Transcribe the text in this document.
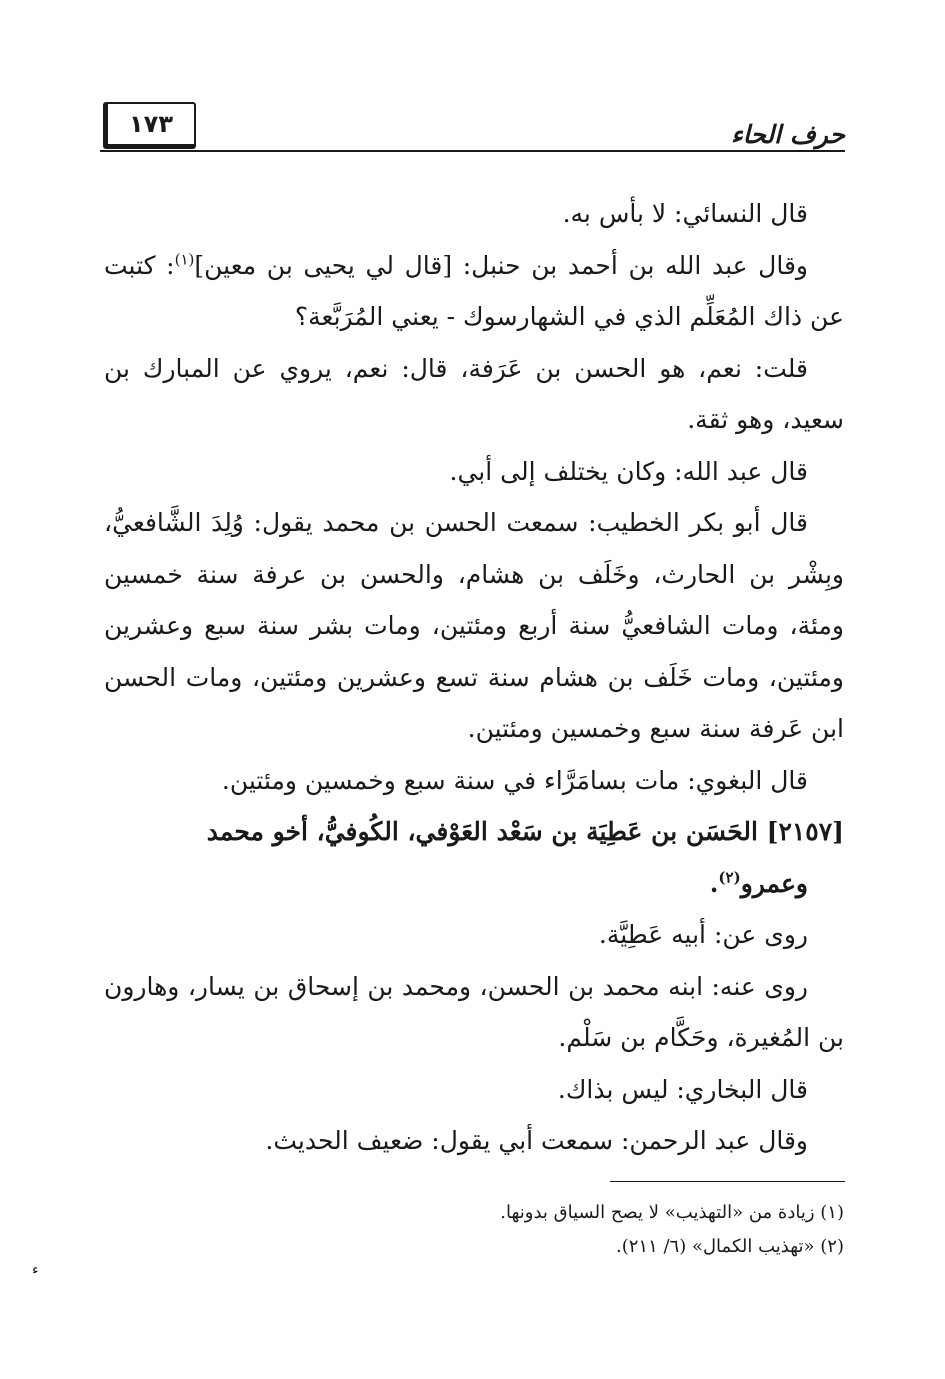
حرف الحاء
١٧٣

قال النسائي: لا بأس به.

وقال عبد الله بن أحمد بن حنبل: [قال لي يحيى بن معين]$^{(١)}$: كتبت عن ذاك المُعَلِّم الذي في الشهارسوك - يعني المُرَبَّعة؟

قلت: نعم، هو الحسن بن عَرَفة، قال: نعم، يروي عن المبارك بن سعيد، وهو ثقة.

قال عبد الله: وكان يختلف إلى أبي.

قال أبو بكر الخطيب: سمعت الحسن بن محمد يقول: وُلِدَ الشَّافعيُّ، وبِشْر بن الحارث، وخَلَف بن هشام، والحسن بن عرفة سنة خمسين ومئة، ومات الشافعيُّ سنة أربع ومئتين، ومات بشر سنة سبع وعشرين ومئتين، ومات خَلَف بن هشام سنة تسع وعشرين ومئتين، ومات الحسن ابن عَرفة سنة سبع وخمسين ومئتين.

قال البغوي: مات بسامَرَّاء في سنة سبع وخمسين ومئتين.

[٢١٥٧] الحَسَن بن عَطِيَة بن سَعْد العَوْفي، الكُوفيُّ، أخو محمد
وعمرو$^{(٢)}$.

روى عن: أبيه عَطِيَّة.

روى عنه: ابنه محمد بن الحسن، ومحمد بن إسحاق بن يسار، وهارون بن المُغيرة، وحَكَّام بن سَلْم.

قال البخاري: ليس بذاك.

وقال عبد الرحمن: سمعت أبي يقول: ضعيف الحديث.

(١) زيادة من «التهذيب» لا يصح السياق بدونها.

(٢) «تهذيب الكمال» (٦/ ٢١١).

ء
